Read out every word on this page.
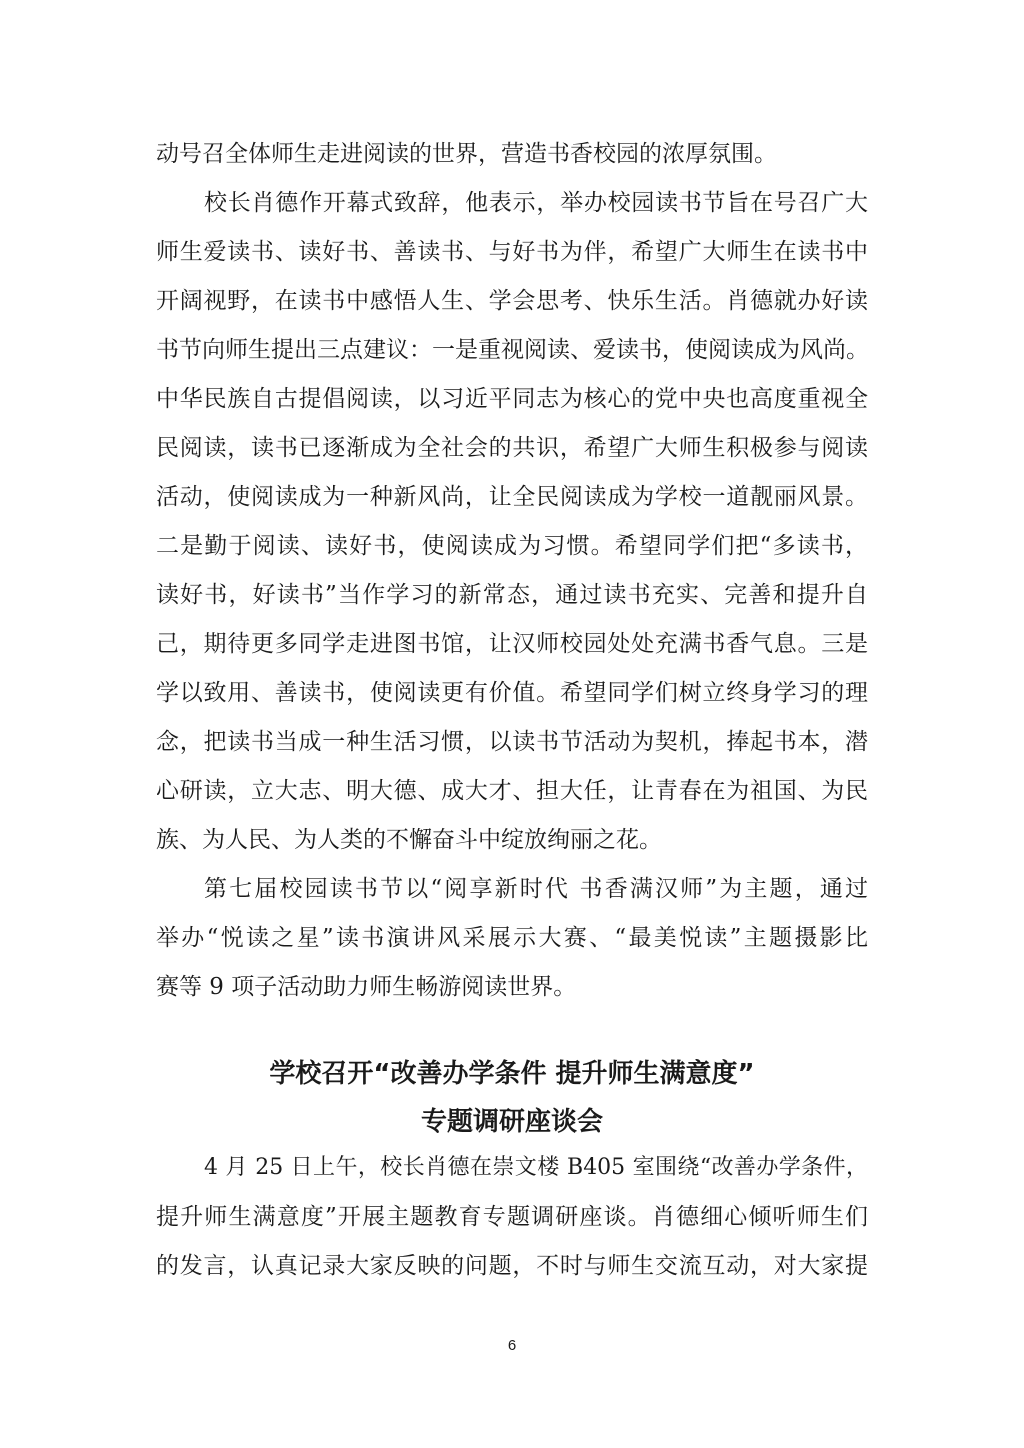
动号召全体师生走进阅读的世界，营造书香校园的浓厚氛围。
校长肖德作开幕式致辞，他表示，举办校园读书节旨在号召广大
师生爱读书、读好书、善读书、与好书为伴，希望广大师生在读书中
开阔视野，在读书中感悟人生、学会思考、快乐生活。肖德就办好读
书节向师生提出三点建议：一是重视阅读、爱读书，使阅读成为风尚。
中华民族自古提倡阅读，以习近平同志为核心的党中央也高度重视全
民阅读，读书已逐渐成为全社会的共识，希望广大师生积极参与阅读
活动，使阅读成为一种新风尚，让全民阅读成为学校一道靓丽风景。
二是勤于阅读、读好书，使阅读成为习惯。希望同学们把“多读书，
读好书，好读书”当作学习的新常态，通过读书充实、完善和提升自
己，期待更多同学走进图书馆，让汉师校园处处充满书香气息。三是
学以致用、善读书，使阅读更有价值。希望同学们树立终身学习的理
念，把读书当成一种生活习惯，以读书节活动为契机，捧起书本，潜
心研读，立大志、明大德、成大才、担大任，让青春在为祖国、为民
族、为人民、为人类的不懈奋斗中绽放绚丽之花。
第七届校园读书节以“阅享新时代 书香满汉师”为主题，通过
举办“悦读之星”读书演讲风采展示大赛、“最美悦读”主题摄影比
赛等 9 项子活动助力师生畅游阅读世界。
学校召开“改善办学条件 提升师生满意度”
专题调研座谈会
4 月 25 日上午，校长肖德在崇文楼 B405 室围绕“改善办学条件，
提升师生满意度”开展主题教育专题调研座谈。肖德细心倾听师生们
的发言，认真记录大家反映的问题，不时与师生交流互动，对大家提
6
